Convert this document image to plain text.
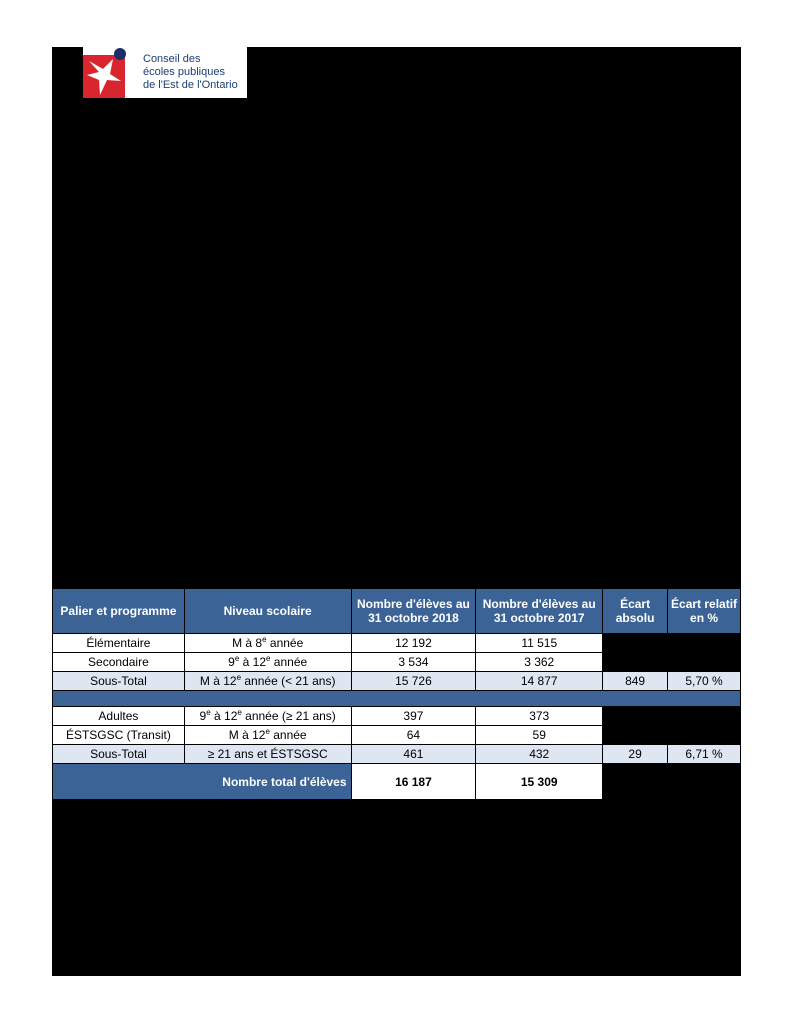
Conseil des
écoles publiques
de l'Est de l'Ontario
Palier et programme	Niveau scolaire	Nombre d'élèves au 31 octobre 2018	Nombre d'élèves au 31 octobre 2017	Écart absolu	Écart relatif en %
Élémentaire	M à 8e année	12 192	11 515		
Secondaire	9e à 12e année	3 534	3 362		
Sous-Total	M à 12e année (< 21 ans)	15 726	14 877	849	5,70 %

Adultes	9e à 12e année (≥ 21 ans)	397	373		
ÉSTSGSC (Transit)	M à 12e année	64	59		
Sous-Total	≥ 21 ans et ÉSTSGSC	461	432	29	6,71 %
Nombre total d'élèves		16 187	15 309		
